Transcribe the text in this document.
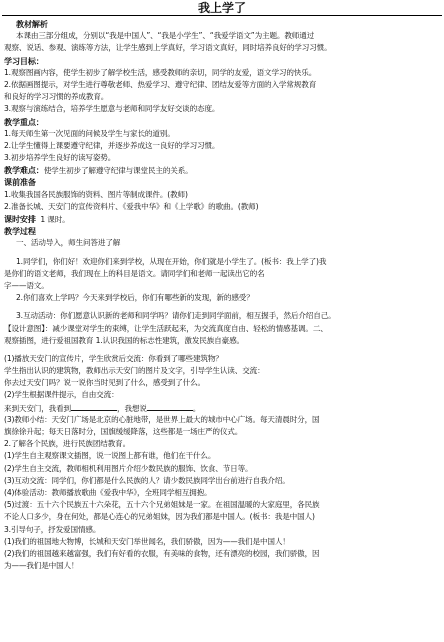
我上学了
教材解析
本课由三部分组成，分别以“我是中国人”、“我是小学生”、“我爱学语文”为主题。教师通过
观察、说话、参观、演练等方法，让学生感到上学真好，学习语文真好，同时培养良好的学习习惯。
学习目标：
1.观察图画内容，使学生初步了解学校生活，感受教师的亲切，同学的友爱，语文学习的快乐。
2.依据画图提示，对学生进行尊敬老师、热爱学习、遵守纪律、团结友爱等方面的入学常规教育
和良好的学习习惯的养成教育。
3.观察与演练结合，培养学生愿意与老师和同学友好交谈的态度。
教学重点：
1.每天师生第一次见面的问候及学生与家长的道别。
2.让学生懂得上课要遵守纪律，并逐步养成这一良好的学习习惯。
3.初步培养学生良好的读写姿势。
教学难点：使学生初步了解遵守纪律与课堂民主的关系。
课前准备
1.收集我国各民族服饰的资料、图片等制成课件。(教师)
2.准备长城、天安门的宣传资料片、《爱我中华》和《上学歌》的歌曲。(教师)
课时安排 1 课时。
教学过程
一、活动导入，师生问答进了解
1.同学们，你们好！欢迎你们来到学校，从现在开始，你们就是小学生了。(板书：我上学了)我
是你们的语文老师，我们现在上的科目是语文。请同学们和老师一起读出它的名
字——语文。
2.你们喜欢上学吗？今天来到学校后，你们有哪些新的发现，新的感受？
3.互动活动：你们愿意认识新的老师和同学吗？请你们走到同学面前，相互握手，然后介绍自己。
【设计意图】：减少课堂对学生的束缚，让学生活跃起来，为交流真度自由、轻松的情感基调。二、
观察插图，进行爱祖国教育 1.认识我国的标志性建筑，激发民族自豪感。
(1)播放天安门的宣传片，学生欣赏后交流：你看到了哪些建筑物？
学生指出认识的建筑物，教师出示天安门的图片及文字，引导学生认读、交流：
你去过天安门吗？说一说你当时见到了什么，感受到了什么。
(2)学生根据课件提示，自由交流：
来到天安门，我看到	，我想说	。
(3)教师小结：天安门广场是北京的心脏地带，是世界上最大的城市中心广场。每天清晨时分，国
旗徐徐升起；每天日落时分，国旗缓缓降落，这些都是一场庄严的仪式。
2.了解各个民族，进行民族团结教育。
(1)学生自主观察课文插图，说一说图上都有谁，他们在干什么。
(2)学生自主交流，教师相机利用图片介绍少数民族的服饰、饮食、节日等。
(3)互动交流：同学们，你们都是什么民族的人？请少数民族同学出台前进行自我介绍。
(4)体验活动：教师播放歌曲《爱我中华》，全班同学相互拥抱。
(5)过渡：五十六个民族五十六朵花，五十六个兄弟姐妹是一家。在祖国温暖的大家庭里，各民族
不论人口多少，身在何处，都是心连心的兄弟姐妹，因为我们都是中国人。(板书：我是中国人)
3.引导句子，抒发爱国情感。
(1)我们的祖国地大物博，长城和天安门举世闻名，我们骄傲，因为——我们是中国人！
(2)我们的祖国越来越富强，我们有好看的衣服，有美味的食物，还有漂亮的校园，我们骄傲，因
为——我们是中国人！
